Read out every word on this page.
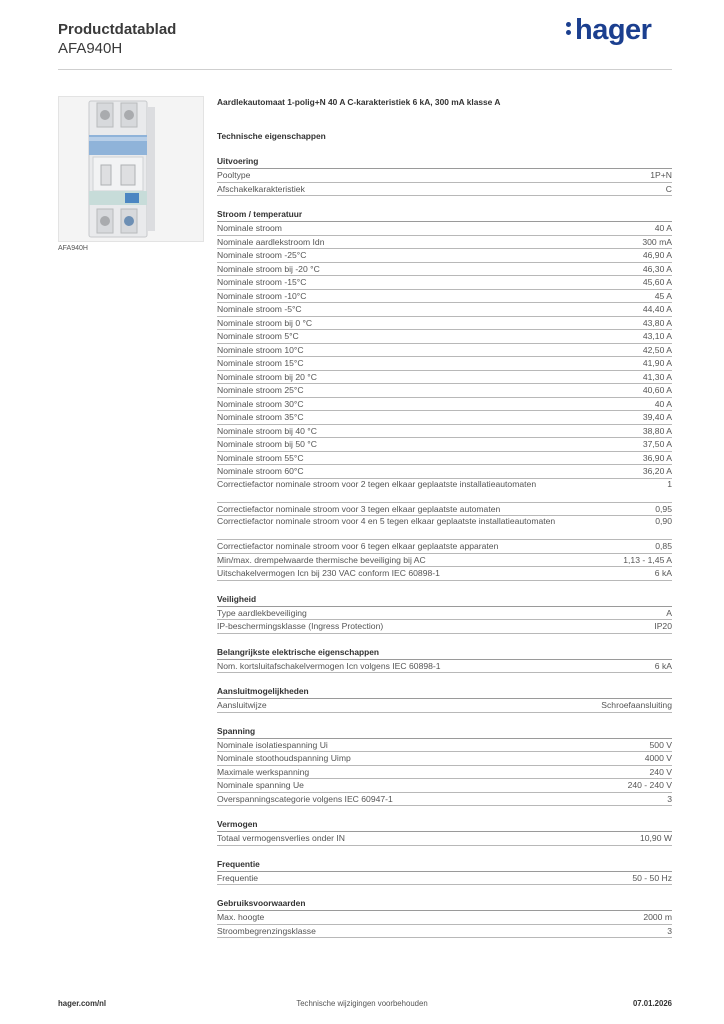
Productdatablad
AFA940H
hager
AFA940H
Aardlekautomaat 1-polig+N 40 A C-karakteristiek 6 kA, 300 mA klasse A
Technische eigenschappen
Uitvoering
Pooltype	1P+N
Afschakelkarakteristiek	C
Stroom / temperatuur
Nominale stroom	40 A
Nominale aardlekstroom Idn	300 mA
Nominale stroom -25°C	46,90 A
Nominale stroom bij -20 °C	46,30 A
Nominale stroom -15°C	45,60 A
Nominale stroom -10°C	45 A
Nominale stroom -5°C	44,40 A
Nominale stroom bij 0 °C	43,80 A
Nominale stroom 5°C	43,10 A
Nominale stroom 10°C	42,50 A
Nominale stroom 15°C	41,90 A
Nominale stroom bij 20 °C	41,30 A
Nominale stroom 25°C	40,60 A
Nominale stroom 30°C	40 A
Nominale stroom 35°C	39,40 A
Nominale stroom bij 40 °C	38,80 A
Nominale stroom bij 50 °C	37,50 A
Nominale stroom 55°C	36,90 A
Nominale stroom 60°C	36,20 A
Correctiefactor nominale stroom voor 2 tegen elkaar geplaatste installatieautomaten	1
Correctiefactor nominale stroom voor 3 tegen elkaar geplaatste automaten	0,95
Correctiefactor nominale stroom voor 4 en 5 tegen elkaar geplaatste installatieautomaten	0,90
Correctiefactor nominale stroom voor 6 tegen elkaar geplaatste apparaten	0,85
Min/max. drempelwaarde thermische beveiliging bij AC	1,13 - 1,45 A
Uitschakelvermogen Icn bij 230 VAC conform IEC 60898-1	6 kA
Veiligheid
Type aardlekbeveiliging	A
IP-beschermingsklasse (Ingress Protection)	IP20
Belangrijkste elektrische eigenschappen
Nom. kortsluitafschakelvermogen Icn volgens IEC 60898-1	6 kA
Aansluitmogelijkheden
Aansluitwijze	Schroefaansluiting
Spanning
Nominale isolatiespanning Ui	500 V
Nominale stoothoudspanning Uimp	4000 V
Maximale werkspanning	240 V
Nominale spanning Ue	240 - 240 V
Overspanningscategorie volgens IEC 60947-1	3
Vermogen
Totaal vermogensverlies onder IN	10,90 W
Frequentie
Frequentie	50 - 50 Hz
Gebruiksvoorwaarden
Max. hoogte	2000 m
Stroombegrenzingsklasse	3
hager.com/nl	Technische wijzigingen voorbehouden	07.01.2026
